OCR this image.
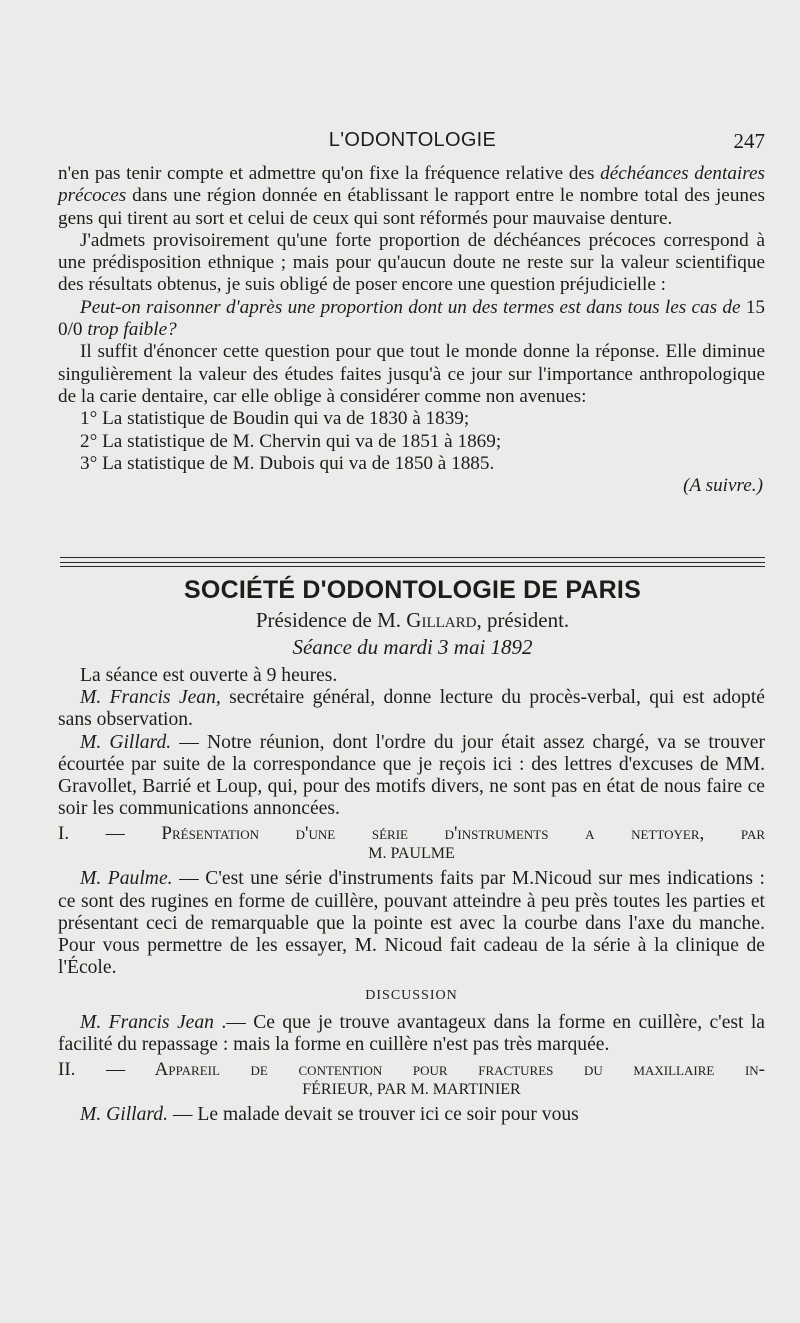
L'ODONTOLOGIE	247

n'en pas tenir compte et admettre qu'on fixe la fréquence relative des déchéances dentaires précoces dans une région donnée en établissant le rapport entre le nombre total des jeunes gens qui tirent au sort et celui de ceux qui sont réformés pour mauvaise denture.

J'admets provisoirement qu'une forte proportion de déchéances précoces correspond à une prédisposition ethnique ; mais pour qu'aucun doute ne reste sur la valeur scientifique des résultats obtenus, je suis obligé de poser encore une question préjudicielle :

Peut-on raisonner d'après une proportion dont un des termes est dans tous les cas de 15 0/0 trop faible?

Il suffit d'énoncer cette question pour que tout le monde donne la réponse. Elle diminue singulièrement la valeur des études faites jusqu'à ce jour sur l'importance anthropologique de la carie dentaire, car elle oblige à considérer comme non avenues:

1° La statistique de Boudin qui va de 1830 à 1839;

2° La statistique de M. Chervin qui va de 1851 à 1869;

3° La statistique de M. Dubois qui va de 1850 à 1885.

(A suivre.)

SOCIÉTÉ D'ODONTOLOGIE DE PARIS
Présidence de M. Gillard, président.
Séance du mardi 3 mai 1892

La séance est ouverte à 9 heures.

M. Francis Jean, secrétaire général, donne lecture du procès-verbal, qui est adopté sans observation.

M. Gillard. — Notre réunion, dont l'ordre du jour était assez chargé, va se trouver écourtée par suite de la correspondance que je reçois ici : des lettres d'excuses de MM. Gravollet, Barrié et Loup, qui, pour des motifs divers, ne sont pas en état de nous faire ce soir les communications annoncées.

I. — Présentation d'une série d'instruments a nettoyer, par
M. PAULME

M. Paulme. — C'est une série d'instruments faits par M.Nicoud sur mes indications : ce sont des rugines en forme de cuillère, pouvant atteindre à peu près toutes les parties et présentant ceci de remarquable que la pointe est avec la courbe dans l'axe du manche. Pour vous permettre de les essayer, M. Nicoud fait cadeau de la série à la clinique de l'École.

DISCUSSION

M. Francis Jean .— Ce que je trouve avantageux dans la forme en cuillère, c'est la facilité du repassage : mais la forme en cuillère n'est pas très marquée.

II. — Appareil de contention pour fractures du maxillaire in-
FÉRIEUR, PAR M. MARTINIER

M. Gillard. — Le malade devait se trouver ici ce soir pour vous
